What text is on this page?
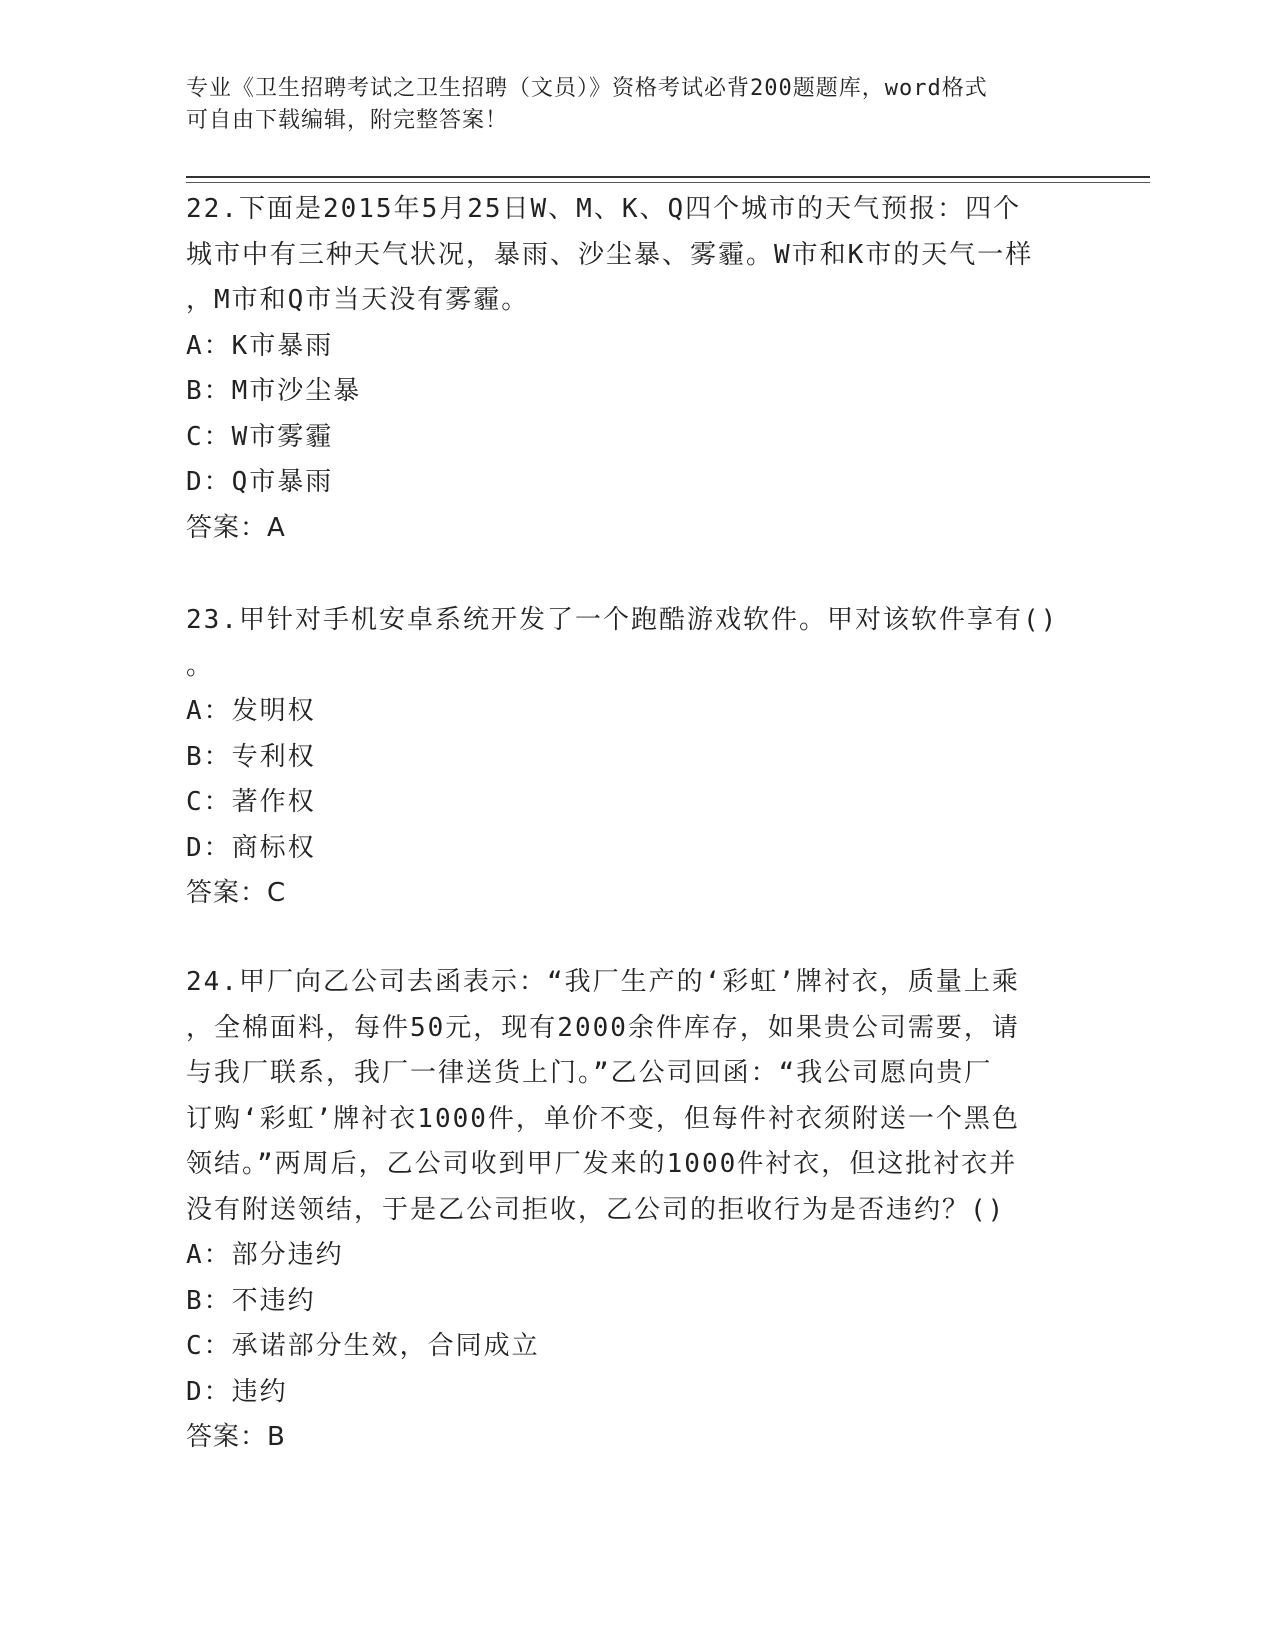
专业《卫生招聘考试之卫生招聘（文员）》资格考试必背200题题库，word格式
可自由下载编辑，附完整答案！
22.下面是2015年5月25日W、M、K、Q四个城市的天气预报：四个
城市中有三种天气状况，暴雨、沙尘暴、雾霾。W市和K市的天气一样
，M市和Q市当天没有雾霾。
A：K市暴雨
B：M市沙尘暴
C：W市雾霾
D：Q市暴雨
答案：A
23.甲针对手机安卓系统开发了一个跑酷游戏软件。甲对该软件享有()
。
A：发明权
B：专利权
C：著作权
D：商标权
答案：C
24.甲厂向乙公司去函表示：“我厂生产的‘彩虹’牌衬衣，质量上乘
，全棉面料，每件50元，现有2000余件库存，如果贵公司需要，请
与我厂联系，我厂一律送货上门。”乙公司回函：“我公司愿向贵厂
订购‘彩虹’牌衬衣1000件，单价不变，但每件衬衣须附送一个黑色
领结。”两周后，乙公司收到甲厂发来的1000件衬衣，但这批衬衣并
没有附送领结，于是乙公司拒收，乙公司的拒收行为是否违约？()
A：部分违约
B：不违约
C：承诺部分生效，合同成立
D：违约
答案：B
